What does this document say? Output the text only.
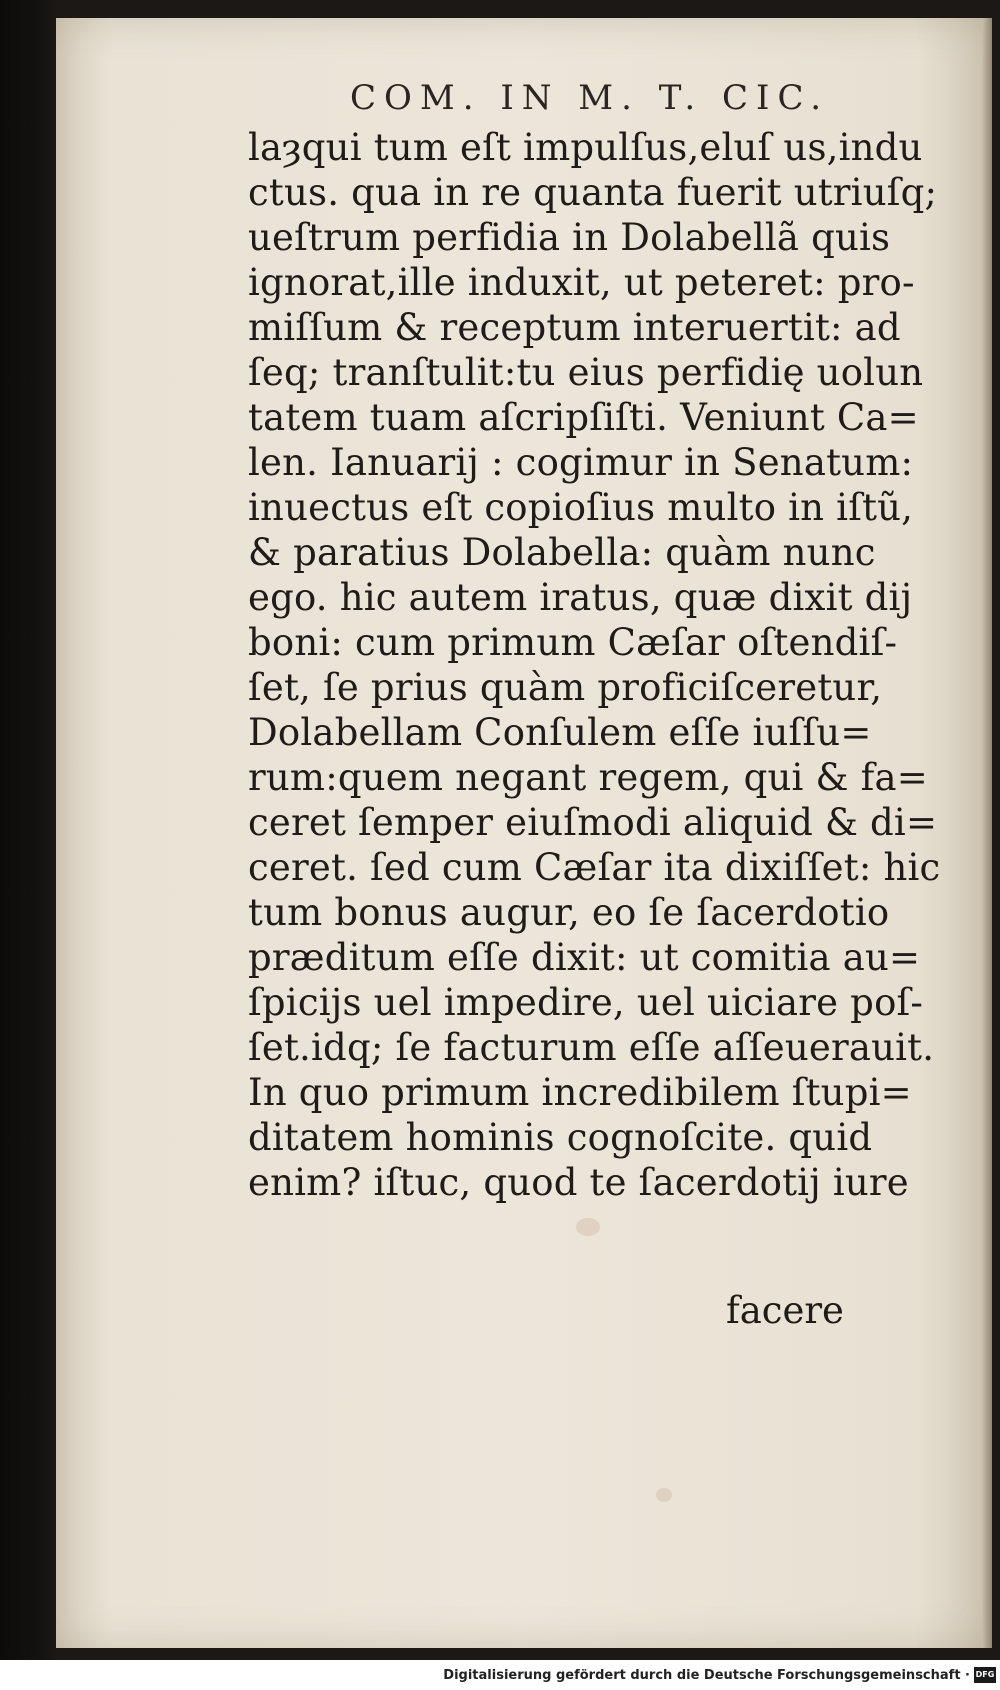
COM. IN M. T. CIC.
laȝqui tum eſt impulſus,eluſ us,indu
ctus. qua in re quanta fuerit utriuſq;
ueſtrum perfidia in Dolabellã quis
ignorat,ille induxit, ut peteret: pro-
miſſum & receptum interuertit: ad
ſeq; tranſtulit:tu eius perfidię uolun
tatem tuam aſcripſiſti. Veniunt Ca=
len. Ianuarij : cogimur in Senatum:
inuectus eſt copioſius multo in iſtũ,
& paratius Dolabella: quàm nunc
ego. hic autem iratus, quæ dixit dij
boni: cum primum Cæſar oſtendiſ-
ſet, ſe prius quàm proficiſceretur,
Dolabellam Conſulem eſſe iuſſu=
rum:quem negant regem, qui & fa=
ceret ſemper eiuſmodi aliquid & di=
ceret. ſed cum Cæſar ita dixiſſet: hic
tum bonus augur, eo ſe ſacerdotio
præditum eſſe dixit: ut comitia au=
ſpicijs uel impedire, uel uiciare poſ-
ſet.idq; ſe facturum eſſe aſſeuerauit.
In quo primum incredibilem ſtupi=
ditatem hominis cognoſcite. quid
enim? iſtuc, quod te ſacerdotij iure
facere
Digitalisierung gefördert durch die Deutsche Forschungsgemeinschaft · DFG
